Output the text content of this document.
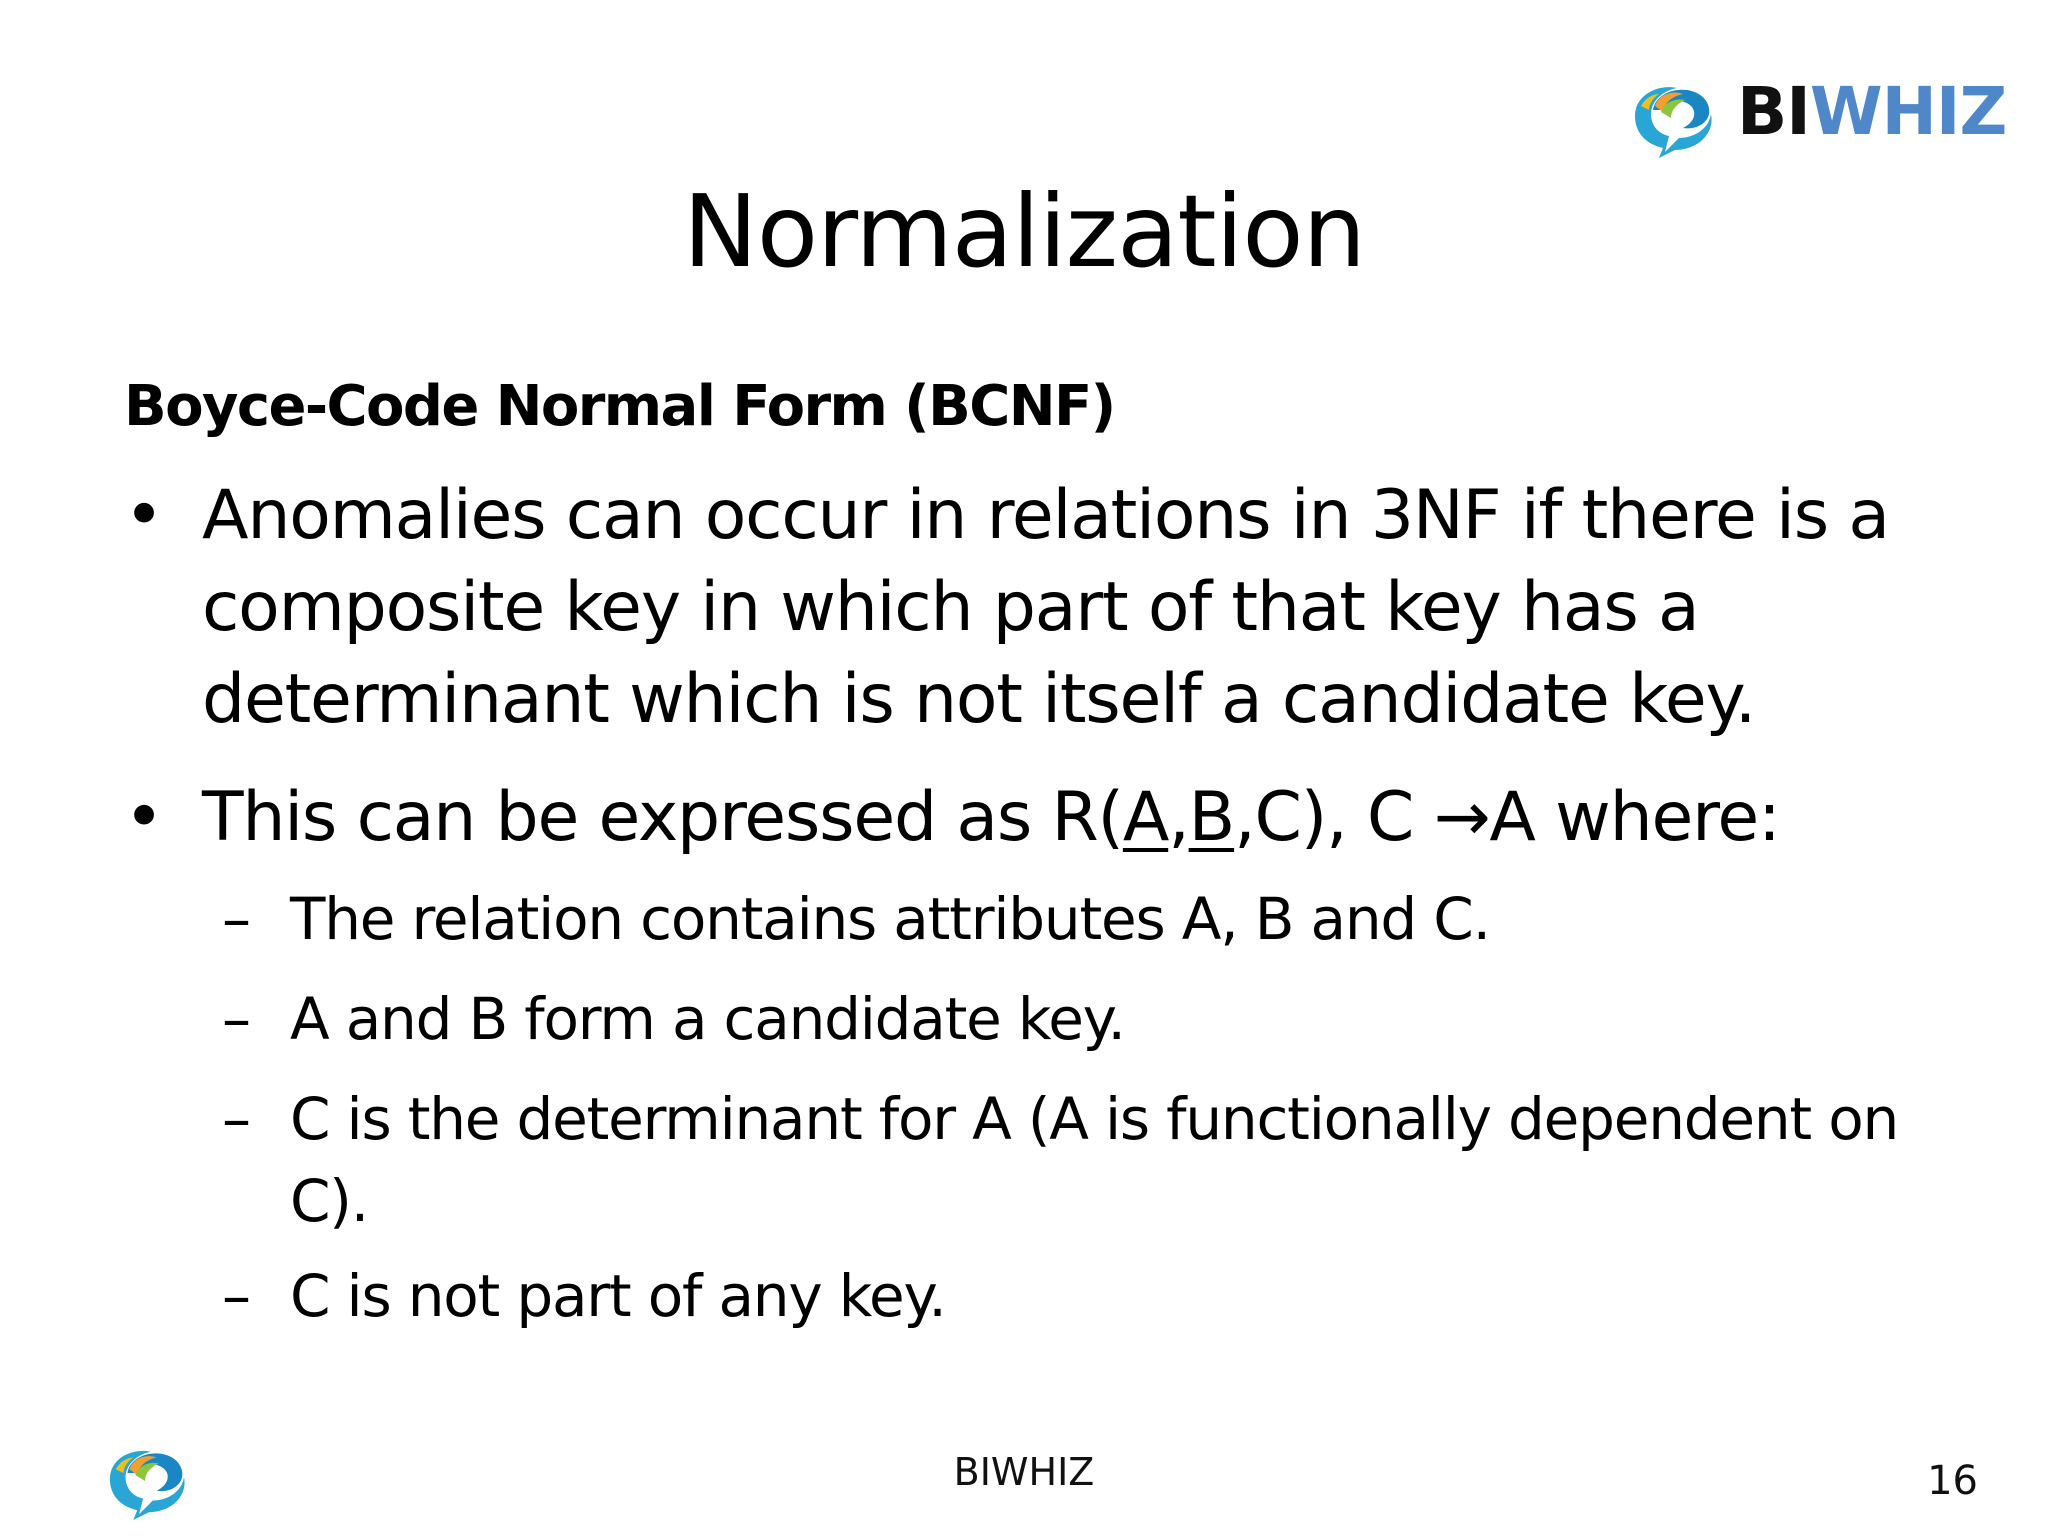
BIWHIZ
Normalization
Boyce-Code Normal Form (BCNF)
• Anomalies can occur in relations in 3NF if there is a composite key in which part of that key has a determinant which is not itself a candidate key.
• This can be expressed as R(A,B,C), C →A where:
– The relation contains attributes A, B and C.
– A and B form a candidate key.
– C is the determinant for A (A is functionally dependent on C).
– C is not part of any key.
BIWHIZ	16
